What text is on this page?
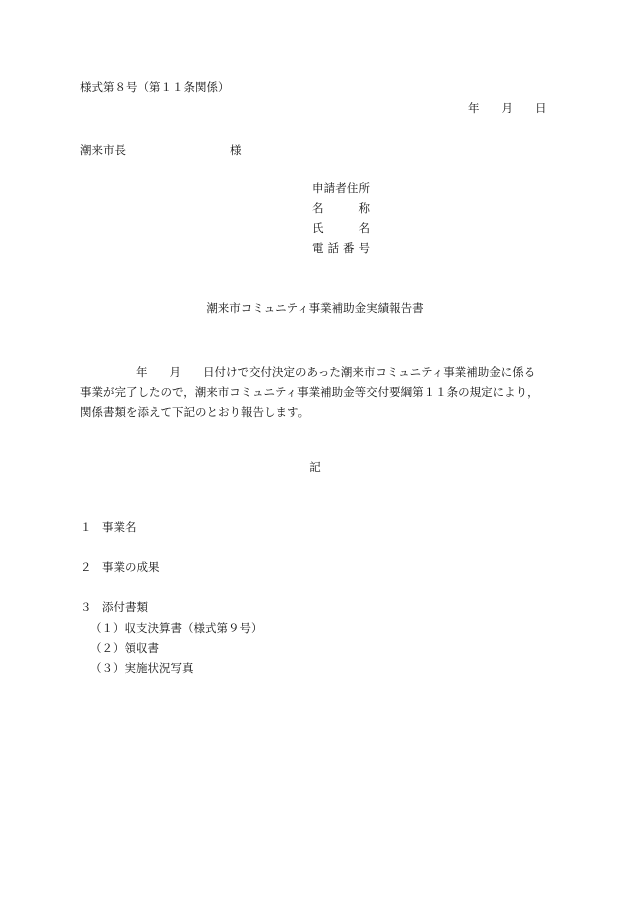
様式第８号（第１１条関係）
年 月 日
潮来市長	様
申請者住所
名　称
氏　名
電 話 番 号
潮来市コミュニティ事業補助金実績報告書
年 月 日付けで交付決定のあった潮来市コミュニティ事業補助金に係る
事業が完了したので，潮来市コミュニティ事業補助金等交付要綱第１１条の規定により，
関係書類を添えて下記のとおり報告します。
記
１ 事業名
２ 事業の成果
３ 添付書類
（１）収支決算書（様式第９号）
（２）領収書
（３）実施状況写真
